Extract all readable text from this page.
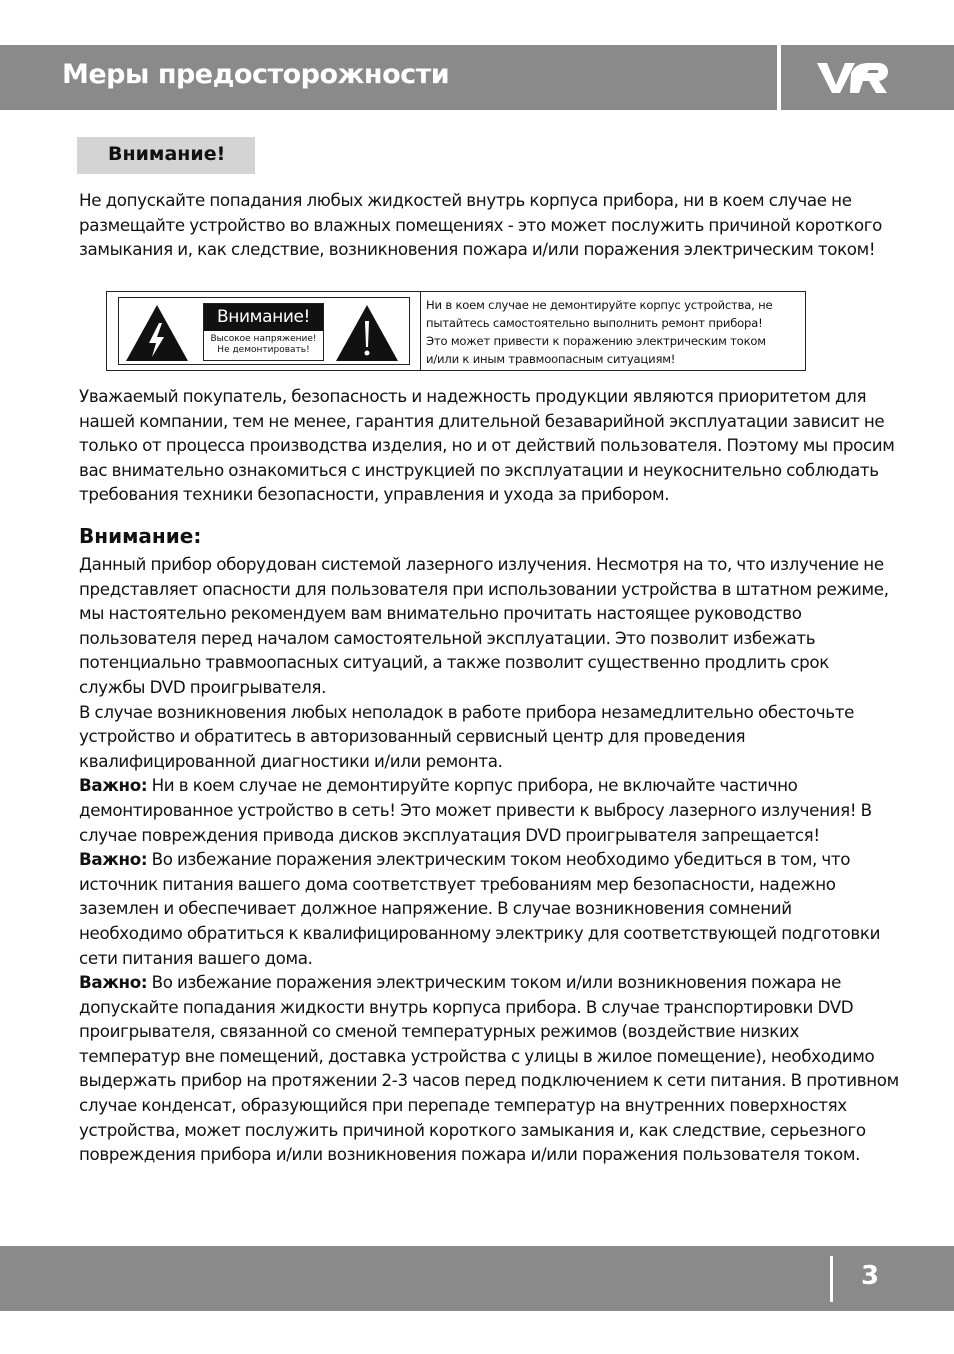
Меры предосторожности
Внимание!

Не допускайте попадания любых жидкостей внутрь корпуса прибора, ни в коем случае не размещайте устройство во влажных помещениях - это может послужить причиной короткого замыкания и, как следствие, возникновения пожара и/или поражения электрическим током!

Внимание!
Высокое напряжение!
Не демонтировать!
Ни в коем случае не демонтируйте корпус устройства, не
пытайтесь самостоятельно выполнить ремонт прибора!
Это может привести к поражению электрическим током
и/или к иным травмоопасным ситуациям!

Уважаемый покупатель, безопасность и надежность продукции являются приоритетом для нашей компании, тем не менее, гарантия длительной безаварийной эксплуатации зависит не только от процесса производства изделия, но и от действий пользователя. Поэтому мы просим вас внимательно ознакомиться с инструкцией по эксплуатации и неукоснительно соблюдать требования техники безопасности, управления и ухода за прибором.

Внимание:
Данный прибор оборудован системой лазерного излучения. Несмотря на то, что излучение не представляет опасности для пользователя при использовании устройства в штатном режиме, мы настоятельно рекомендуем вам внимательно прочитать настоящее руководство пользователя перед началом самостоятельной эксплуатации. Это позволит избежать потенциально травмоопасных ситуаций, а также позволит существенно продлить срок службы DVD проигрывателя.
В случае возникновения любых неполадок в работе прибора незамедлительно обесточьте устройство и обратитесь в авторизованный сервисный центр для проведения квалифицированной диагностики и/или ремонта.
Важно: Ни в коем случае не демонтируйте корпус прибора, не включайте частично демонтированное устройство в сеть! Это может привести к выбросу лазерного излучения! В случае повреждения привода дисков эксплуатация DVD проигрывателя запрещается!
Важно: Во избежание поражения электрическим током необходимо убедиться в том, что источник питания вашего дома соответствует требованиям мер безопасности, надежно заземлен и обеспечивает должное напряжение. В случае возникновения сомнений необходимо обратиться к квалифицированному электрику для соответствующей подготовки сети питания вашего дома.
Важно: Во избежание поражения электрическим током и/или возникновения пожара не допускайте попадания жидкости внутрь корпуса прибора. В случае транспортировки DVD проигрывателя, связанной со сменой температурных режимов (воздействие низких температур вне помещений, доставка устройства с улицы в жилое помещение), необходимо выдержать прибор на протяжении 2-3 часов перед подключением к сети питания. В противном случае конденсат, образующийся при перепаде температур на внутренних поверхностях устройства, может послужить причиной короткого замыкания и, как следствие, серьезного повреждения прибора и/или возникновения пожара и/или поражения пользователя током.
3
